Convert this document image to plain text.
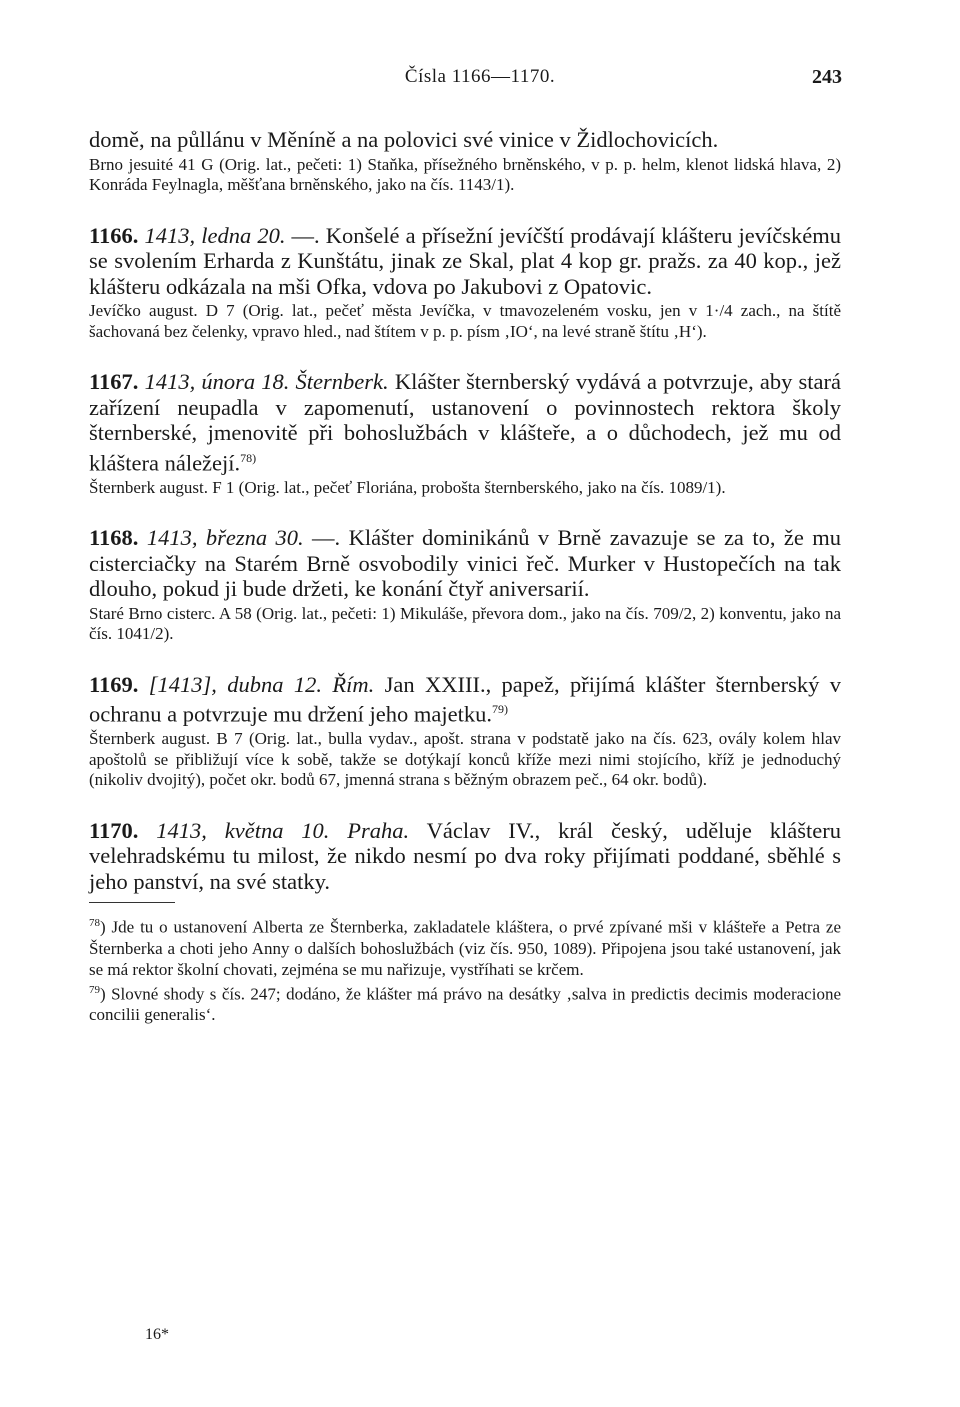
Čísla 1166—1170.	243

domě, na půllánu v Měníně a na polovici své vinice v Židlochovicích.

Brno jesuité 41 G (Orig. lat., pečeti: 1) Staňka, přísežného brněnského, v p. p. helm, klenot lidská hlava, 2) Konráda Feylnagla, měšťana brněnského, jako na čís. 1143/1).

1166. 1413, ledna 20. —. Konšelé a přísežní jevíčští prodávají klášteru jevíčskému se svolením Erharda z Kunštátu, jinak ze Skal, plat 4 kop gr. pražs. za 40 kop., jež klášteru odkázala na mši Ofka, vdova po Jakubovi z Opatovic.

Jevíčko august. D 7 (Orig. lat., pečeť města Jevíčka, v tmavozeleném vosku, jen v 1·/4 zach., na štítě šachovaná bez čelenky, vpravo hled., nad štítem v p. p. písm ‚IO‘, na levé straně štítu ‚H‘).

1167. 1413, února 18. Šternberk. Klášter šternberský vydává a potvrzuje, aby stará zařízení neupadla v zapomenutí, ustanovení o povinnostech rektora školy šternberské, jmenovitě při bohoslužbách v klášteře, a o důchodech, jež mu od kláštera náležejí.$^{78)}$

Šternberk august. F 1 (Orig. lat., pečeť Floriána, probošta šternberského, jako na čís. 1089/1).

1168. 1413, března 30. —. Klášter dominikánů v Brně zavazuje se za to, že mu cisterciačky na Starém Brně osvobodily vinici řeč. Murker v Hustopečích na tak dlouho, pokud ji bude držeti, ke konání čtyř aniversarií.

Staré Brno cisterc. A 58 (Orig. lat., pečeti: 1) Mikuláše, převora dom., jako na čís. 709/2, 2) konventu, jako na čís. 1041/2).

1169. [1413], dubna 12. Řím. Jan XXIII., papež, přijímá klášter šternberský v ochranu a potvrzuje mu držení jeho majetku.$^{79)}$

Šternberk august. B 7 (Orig. lat., bulla vydav., apošt. strana v podstatě jako na čís. 623, ovály kolem hlav apoštolů se přibližují více k sobě, takže se dotýkají konců kříže mezi nimi stojícího, kříž je jednoduchý (nikoliv dvojitý), počet okr. bodů 67, jmenná strana s běžným obrazem peč., 64 okr. bodů).

1170. 1413, května 10. Praha. Václav IV., král český, uděluje klášteru velehradskému tu milost, že nikdo nesmí po dva roky přijímati poddané, sběhlé s jeho panství, na své statky.

$^{78}$) Jde tu o ustanovení Alberta ze Šternberka, zakladatele kláštera, o prvé zpívané mši v klášteře a Petra ze Šternberka a choti jeho Anny o dalších bohoslužbách (viz čís. 950, 1089). Připojena jsou také ustanovení, jak se má rektor školní chovati, zejména se mu nařizuje, vystříhati se krčem.

$^{79}$) Slovné shody s čís. 247; dodáno, že klášter má právo na desátky ‚salva in predictis decimis moderacione concilii generalis‘.

16*
